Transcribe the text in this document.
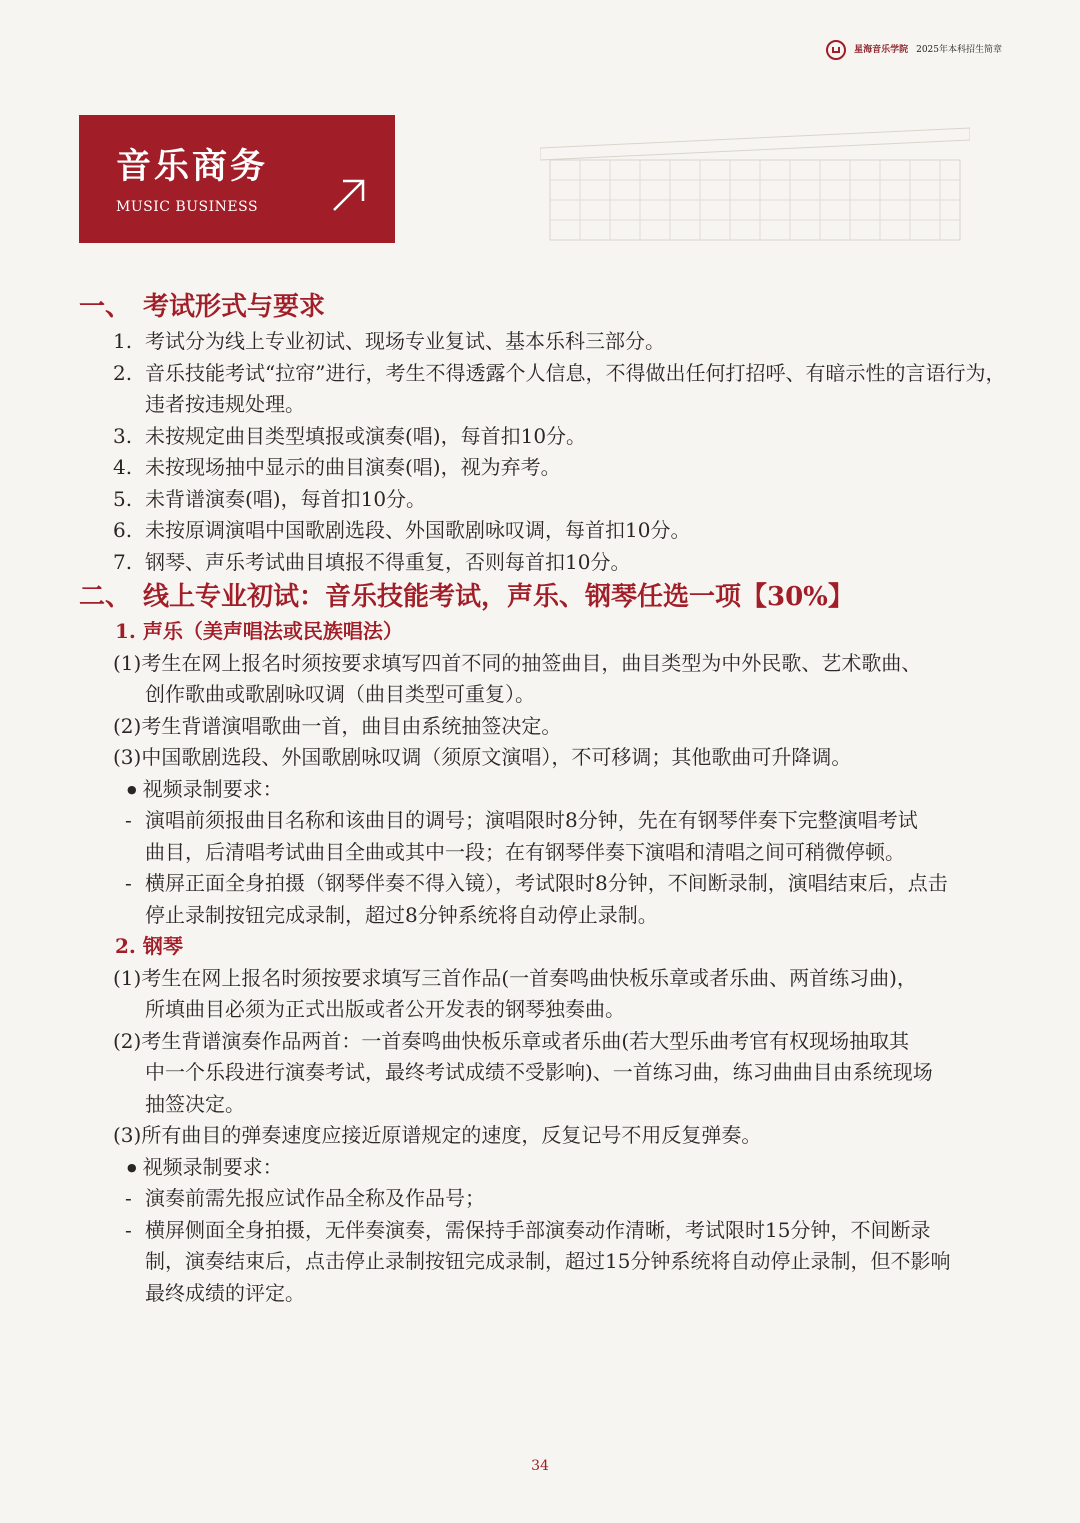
星海音乐学院 2025年本科招生简章
音乐商务
MUSIC BUSINESS
一、 考试形式与要求
1. 考试分为线上专业初试、现场专业复试、基本乐科三部分。
2. 音乐技能考试“拉帘”进行，考生不得透露个人信息，不得做出任何打招呼、有暗示性的言语行为，违者按违规处理。
3. 未按规定曲目类型填报或演奏(唱)，每首扣10分。
4. 未按现场抽中显示的曲目演奏(唱)，视为弃考。
5. 未背谱演奏(唱)，每首扣10分。
6. 未按原调演唱中国歌剧选段、外国歌剧咏叹调，每首扣10分。
7. 钢琴、声乐考试曲目填报不得重复，否则每首扣10分。
二、 线上专业初试：音乐技能考试，声乐、钢琴任选一项【30%】
1. 声乐（美声唱法或民族唱法）
(1)考生在网上报名时须按要求填写四首不同的抽签曲目，曲目类型为中外民歌、艺术歌曲、
创作歌曲或歌剧咏叹调（曲目类型可重复）。
(2)考生背谱演唱歌曲一首，曲目由系统抽签决定。
(3)中国歌剧选段、外国歌剧咏叹调（须原文演唱），不可移调；其他歌曲可升降调。
● 视频录制要求：
- 演唱前须报曲目名称和该曲目的调号；演唱限时8分钟，先在有钢琴伴奏下完整演唱考试
曲目，后清唱考试曲目全曲或其中一段；在有钢琴伴奏下演唱和清唱之间可稍微停顿。
- 横屏正面全身拍摄（钢琴伴奏不得入镜），考试限时8分钟，不间断录制，演唱结束后，点击
停止录制按钮完成录制，超过8分钟系统将自动停止录制。
2. 钢琴
(1)考生在网上报名时须按要求填写三首作品(一首奏鸣曲快板乐章或者乐曲、两首练习曲)，
所填曲目必须为正式出版或者公开发表的钢琴独奏曲。
(2)考生背谱演奏作品两首：一首奏鸣曲快板乐章或者乐曲(若大型乐曲考官有权现场抽取其
中一个乐段进行演奏考试，最终考试成绩不受影响)、一首练习曲，练习曲曲目由系统现场
抽签决定。
(3)所有曲目的弹奏速度应接近原谱规定的速度，反复记号不用反复弹奏。
● 视频录制要求：
- 演奏前需先报应试作品全称及作品号；
- 横屏侧面全身拍摄，无伴奏演奏，需保持手部演奏动作清晰，考试限时15分钟，不间断录
制，演奏结束后，点击停止录制按钮完成录制，超过15分钟系统将自动停止录制，但不影响
最终成绩的评定。
34
